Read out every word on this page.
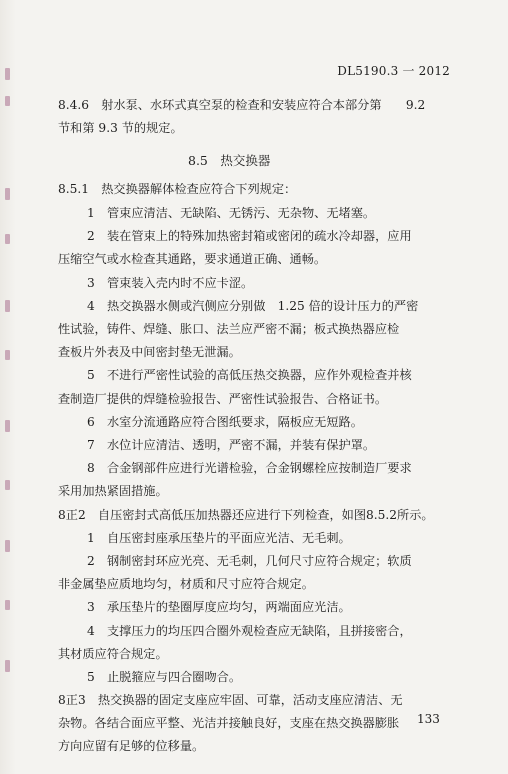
DL5190.3 一 2012
8.4.6　射水泵、水环式真空泵的检查和安装应符合本部分第　　9.2
节和第 9.3 节的规定。
8.5　热交换器
8.5.1　热交换器解体检查应符合下列规定：
1　管束应清洁、无缺陷、无锈污、无杂物、无堵塞。
2　装在管束上的特殊加热密封箱或密闭的疏水冷却器，应用
压缩空气或水检查其通路，要求通道正确、通畅。
3　管束装入壳内时不应卡涩。
4　热交换器水侧或汽侧应分别做　1.25 倍的设计压力的严密
性试验，铸件、焊缝、胀口、法兰应严密不漏；板式换热器应检
查板片外表及中间密封垫无泄漏。
5　不进行严密性试验的高低压热交换器，应作外观检查并核
查制造厂提供的焊缝检验报告、严密性试验报告、合格证书。
6　水室分流通路应符合图纸要求，隔板应无短路。
7　水位计应清洁、透明，严密不漏，并装有保护罩。
8　合金钢部件应进行光谱检验，合金钢螺栓应按制造厂要求
采用加热紧固措施。
8正2　自压密封式高低压加热器还应进行下列检查，如图8.5.2所示。
1　自压密封座承压垫片的平面应光洁、无毛刺。
2　钢制密封环应光亮、无毛刺，几何尺寸应符合规定；软质
非金属垫应质地均匀，材质和尺寸应符合规定。
3　承压垫片的垫圈厚度应均匀，两端面应光洁。
4　支撑压力的均压四合圈外观检查应无缺陷，且拼接密合，
其材质应符合规定。
5　止脱箍应与四合圈吻合。
8正3　热交换器的固定支座应牢固、可靠，活动支座应清洁、无
杂物。各结合面应平整、光洁并接触良好，支座在热交换器膨胀
方向应留有足够的位移量。
133
